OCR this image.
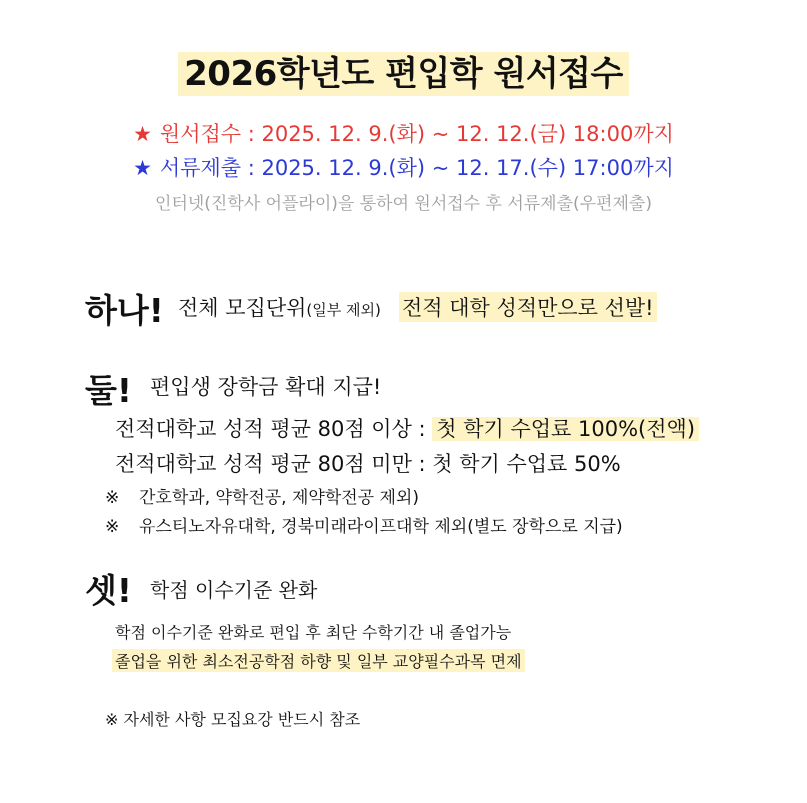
2026학년도 편입학 원서접수
★ 원서접수 : 2025. 12. 9.(화) ~ 12. 12.(금) 18:00까지
★ 서류제출 : 2025. 12. 9.(화) ~ 12. 17.(수) 17:00까지
인터넷(진학사 어플라이)을 통하여 원서접수 후 서류제출(우편제출)
하나! 전체 모집단위(일부 제외) 전적 대학 성적만으로 선발!
둘! 편입생 장학금 확대 지급!
전적대학교 성적 평균 80점 이상 : 첫 학기 수업료 100%(전액)
전적대학교 성적 평균 80점 미만 : 첫 학기 수업료 50%
※ 간호학과, 약학전공, 제약학전공 제외)
※ 유스티노자유대학, 경북미래라이프대학 제외(별도 장학으로 지급)
셋! 학점 이수기준 완화
학점 이수기준 완화로 편입 후 최단 수학기간 내 졸업가능
졸업을 위한 최소전공학점 하향 및 일부 교양필수과목 면제
※ 자세한 사항 모집요강 반드시 참조
